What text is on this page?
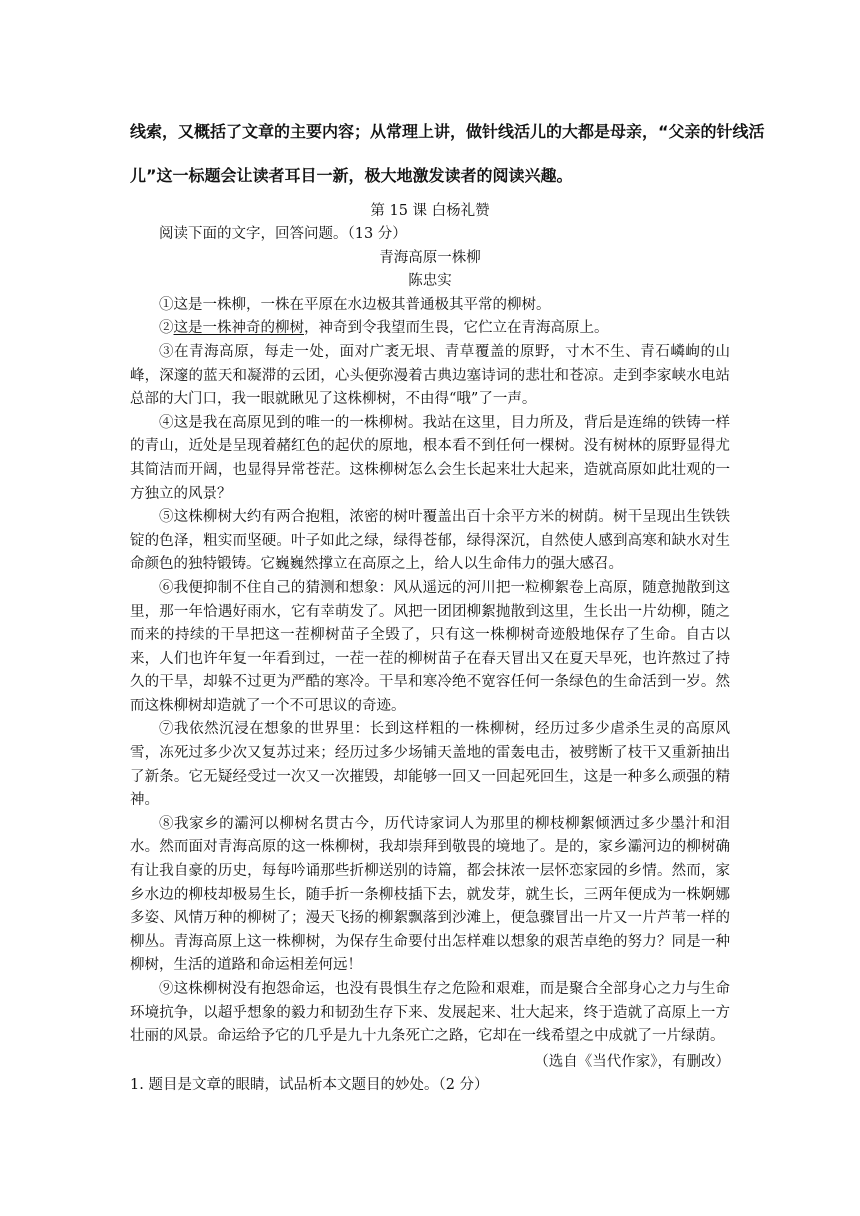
线索，又概括了文章的主要内容；从常理上讲，做针线活儿的大都是母亲，“父亲的针线活
儿”这一标题会让读者耳目一新，极大地激发读者的阅读兴趣。
第 15 课 白杨礼赞

阅读下面的文字，回答问题。（13 分）

青海高原一株柳

陈忠实

①这是一株柳，一株在平原在水边极其普通极其平常的柳树。

②这是一株神奇的柳树，神奇到令我望而生畏，它伫立在青海高原上。

③在青海高原，每走一处，面对广袤无垠、青草覆盖的原野，寸木不生、青石嶙峋的山峰，深邃的蓝天和凝滞的云团，心头便弥漫着古典边塞诗词的悲壮和苍凉。走到李家峡水电站总部的大门口，我一眼就瞅见了这株柳树，不由得“哦”了一声。

④这是我在高原见到的唯一的一株柳树。我站在这里，目力所及，背后是连绵的铁铸一样的青山，近处是呈现着赭红色的起伏的原地，根本看不到任何一棵树。没有树林的原野显得尤其简洁而开阔，也显得异常苍茫。这株柳树怎么会生长起来壮大起来，造就高原如此壮观的一方独立的风景？

⑤这株柳树大约有两合抱粗，浓密的树叶覆盖出百十余平方米的树荫。树干呈现出生铁铁锭的色泽，粗实而坚硬。叶子如此之绿，绿得苍郁，绿得深沉，自然使人感到高寒和缺水对生命颜色的独特锻铸。它巍巍然撑立在高原之上，给人以生命伟力的强大感召。

⑥我便抑制不住自己的猜测和想象：风从遥远的河川把一粒柳絮卷上高原，随意抛散到这里，那一年恰遇好雨水，它有幸萌发了。风把一团团柳絮抛散到这里，生长出一片幼柳，随之而来的持续的干旱把这一茬柳树苗子全毁了，只有这一株柳树奇迹般地保存了生命。自古以来，人们也许年复一年看到过，一茬一茬的柳树苗子在春天冒出又在夏天旱死，也许熬过了持久的干旱，却躲不过更为严酷的寒冷。干旱和寒冷绝不宽容任何一条绿色的生命活到一岁。然而这株柳树却造就了一个不可思议的奇迹。

⑦我依然沉浸在想象的世界里：长到这样粗的一株柳树，经历过多少虐杀生灵的高原风雪，冻死过多少次又复苏过来；经历过多少场铺天盖地的雷轰电击，被劈断了枝干又重新抽出了新条。它无疑经受过一次又一次摧毁，却能够一回又一回起死回生，这是一种多么顽强的精神。

⑧我家乡的灞河以柳树名贯古今，历代诗家词人为那里的柳枝柳絮倾洒过多少墨汁和泪水。然而面对青海高原的这一株柳树，我却崇拜到敬畏的境地了。是的，家乡灞河边的柳树确有让我自豪的历史，每每吟诵那些折柳送别的诗篇，都会抹浓一层怀恋家园的乡情。然而，家乡水边的柳枝却极易生长，随手折一条柳枝插下去，就发芽，就生长，三两年便成为一株婀娜多姿、风情万种的柳树了；漫天飞扬的柳絮飘落到沙滩上，便急骤冒出一片又一片芦苇一样的柳丛。青海高原上这一株柳树，为保存生命要付出怎样难以想象的艰苦卓绝的努力？同是一种柳树，生活的道路和命运相差何远！

⑨这株柳树没有抱怨命运，也没有畏惧生存之危险和艰难，而是聚合全部身心之力与生命环境抗争，以超乎想象的毅力和韧劲生存下来、发展起来、壮大起来，终于造就了高原上一方壮丽的风景。命运给予它的几乎是九十九条死亡之路，它却在一线希望之中成就了一片绿荫。

（选自《当代作家》，有删改）

1. 题目是文章的眼睛，试品析本文题目的妙处。（2 分）
